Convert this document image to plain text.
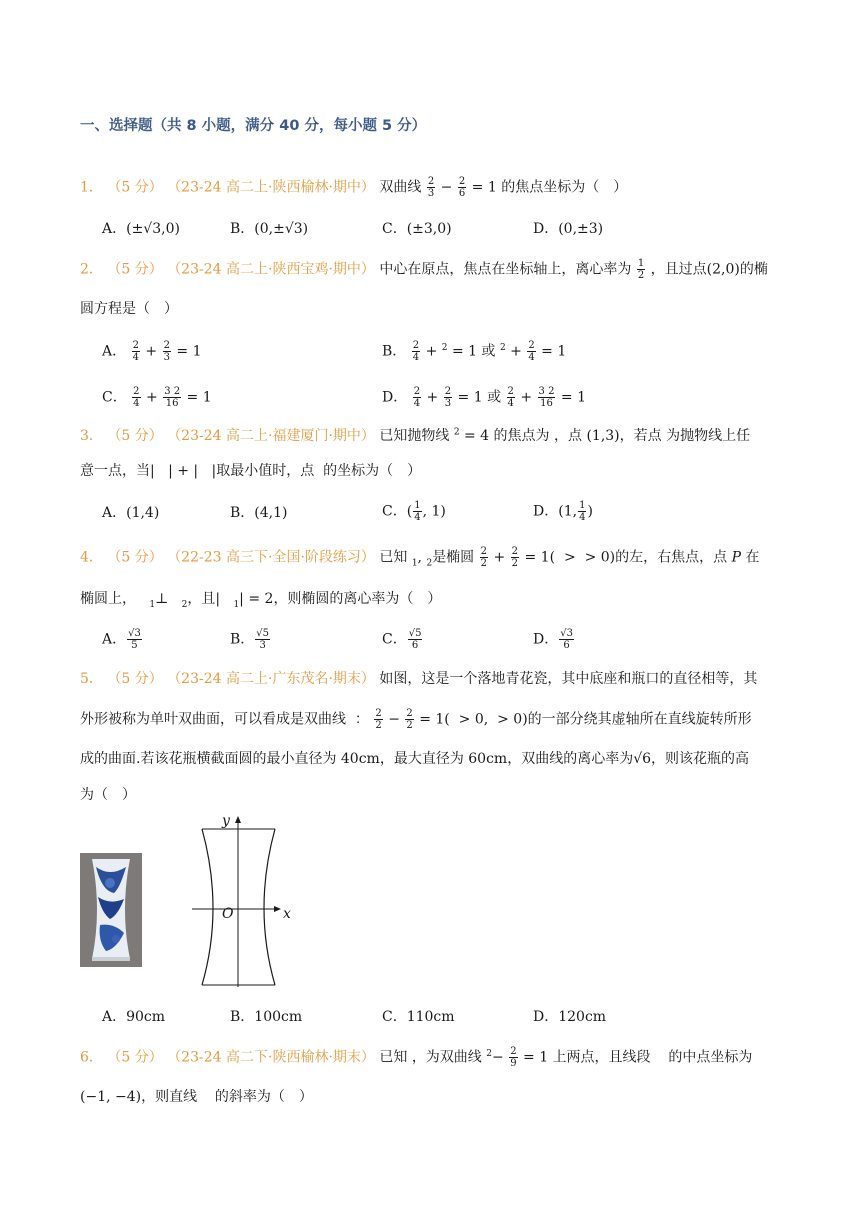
一、选择题（共 8 小题，满分 40 分，每小题 5 分）
1． （5 分） （23-24 高二上·陕西榆林·期中） 双曲线 $\frac{2}{3} - \frac{2}{6} = 1$ 的焦点坐标为（　）
A．(±√3,0)	B．(0,±√3)	C．(±3,0)	D．(0,±3)
2． （5 分） （23-24 高二上·陕西宝鸡·期中） 中心在原点，焦点在坐标轴上，离心率为 $\frac{1}{2}$ ，且过点(2,0)的椭
圆方程是（　）
A． $\frac{2}{4} + \frac{2}{3} = 1$	B． $\frac{2}{4} + ^2 = 1$ 或 $^2 + \frac{2}{4} = 1$
C． $\frac{2}{4} + \frac{3 2}{16} = 1$	D． $\frac{2}{4} + \frac{2}{3} = 1$ 或 $\frac{2}{4} + \frac{3 2}{16} = 1$
3． （5 分） （23-24 高二上·福建厦门·期中） 已知抛物线 $^2$ = 4 的焦点为 ，点 (1,3)，若点 为抛物线上任
意一点，当| | + | |取最小值时，点 的坐标为（　）
A．(1,4)	B．(4,1)	C．( $\frac{1}{4}$ , 1)	D．(1, $\frac{1}{4}$ )
4． （5 分） （22-23 高三下·全国·阶段练习） 已知 $_1$, $_2$是椭圆 $\frac{2}{2} + \frac{2}{2} = 1$( > > 0)的左，右焦点，点 P 在
椭圆上， $_1$⊥ $_2$，且| $_1$| = 2，则椭圆的离心率为（　）
A． $\frac{√3}{5}$	B． $\frac{√5}{3}$	C． $\frac{√5}{6}$	D． $\frac{√3}{6}$
5． （5 分） （23-24 高二上·广东茂名·期末） 如图，这是一个落地青花瓷，其中底座和瓶口的直径相等，其
外形被称为单叶双曲面，可以看成是双曲线 ： $\frac{2}{2} - \frac{2}{2} = 1( > 0$, > 0)的一部分绕其虚轴所在直线旋转所形
成的曲面.若该花瓶横截面圆的最小直径为 40cm，最大直径为 60cm，双曲线的离心率为√6，则该花瓶的高
为（　）
y
x
O
A．90cm	B．100cm	C．110cm	D．120cm
6． （5 分） （23-24 高二下·陕西榆林·期末） 已知 ，为双曲线 $^2- \frac{2}{9} = 1$ 上两点，且线段 的中点坐标为
(−1, −4)，则直线 的斜率为（　）
